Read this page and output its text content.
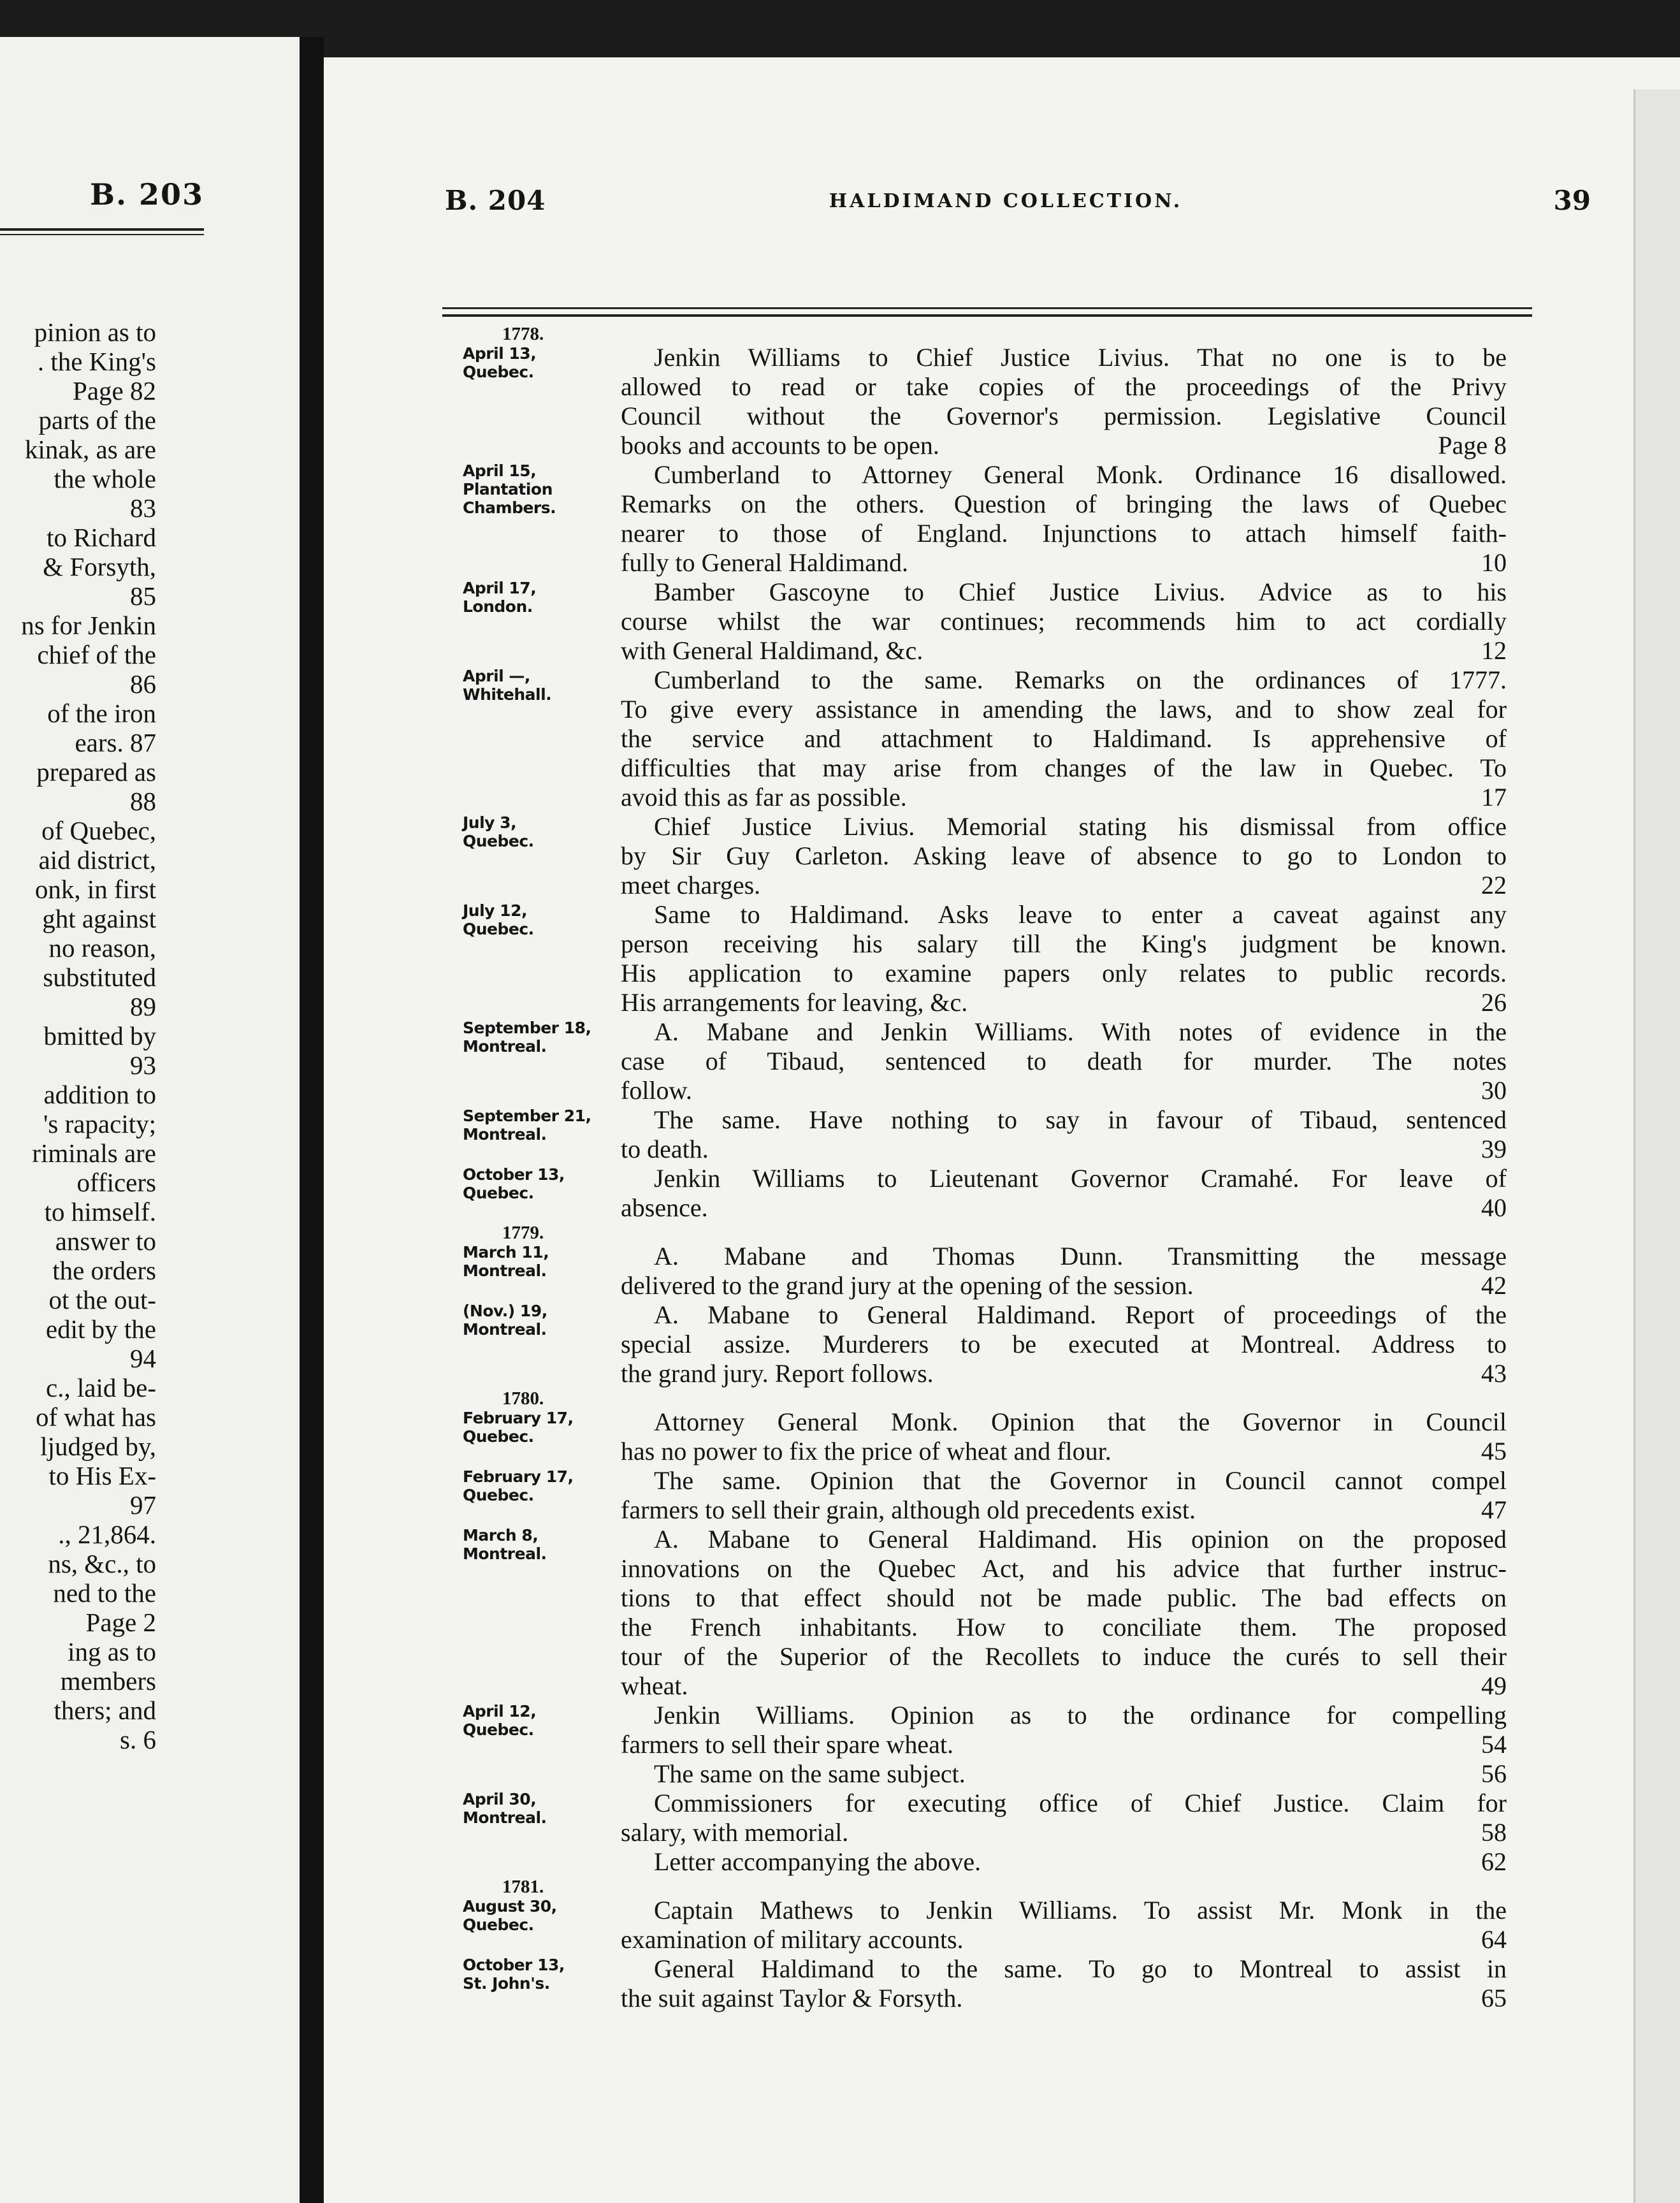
B. 203
pinion as to
. the King's
Page 82
parts of the
kinak, as are
the whole
83
to Richard
& Forsyth,
85
ns for Jenkin
chief of the
86
of the iron
ears. 87
prepared as
88
of Quebec,
aid district,
onk, in first
ght against
no reason,
substituted
89
bmitted by
93
addition to
's rapacity;
riminals are
officers
to himself.
answer to
the orders
ot the out-
edit by the
94
c., laid be-
of what has
ljudged by,
to His Ex-
97
., 21,864.
ns, &c., to
ned to the
Page 2
ing as to
members
thers; and
s. 6
B. 204	HALDIMAND COLLECTION.	39
1778.
April 13,
Quebec.
Jenkin Williams to Chief Justice Livius. That no one is to be
allowed to read or take copies of the proceedings of the Privy
Council without the Governor's permission. Legislative Council
books and accounts to be open.	Page 8
April 15,
Plantation Chambers.
Cumberland to Attorney General Monk. Ordinance 16 disallowed.
Remarks on the others. Question of bringing the laws of Quebec
nearer to those of England. Injunctions to attach himself faith-
fully to General Haldimand.	10
April 17,
London.
Bamber Gascoyne to Chief Justice Livius. Advice as to his
course whilst the war continues; recommends him to act cordially
with General Haldimand, &c.	12
April —,
Whitehall.
Cumberland to the same. Remarks on the ordinances of 1777.
To give every assistance in amending the laws, and to show zeal for
the service and attachment to Haldimand. Is apprehensive of
difficulties that may arise from changes of the law in Quebec. To
avoid this as far as possible.	17
July 3,
Quebec.
Chief Justice Livius. Memorial stating his dismissal from office
by Sir Guy Carleton. Asking leave of absence to go to London to
meet charges.	22
July 12,
Quebec.
Same to Haldimand. Asks leave to enter a caveat against any
person receiving his salary till the King's judgment be known.
His application to examine papers only relates to public records.
His arrangements for leaving, &c.	26
September 18,
Montreal.
A. Mabane and Jenkin Williams. With notes of evidence in the
case of Tibaud, sentenced to death for murder. The notes
follow.	30
September 21,
Montreal.
The same. Have nothing to say in favour of Tibaud, sentenced
to death.	39
October 13,
Quebec.
Jenkin Williams to Lieutenant Governor Cramahé. For leave of
absence.	40
1779.
March 11,
Montreal.
A. Mabane and Thomas Dunn. Transmitting the message
delivered to the grand jury at the opening of the session.	42
(Nov.) 19,
Montreal.
A. Mabane to General Haldimand. Report of proceedings of the
special assize. Murderers to be executed at Montreal. Address to
the grand jury. Report follows.	43
1780.
February 17,
Quebec.
Attorney General Monk. Opinion that the Governor in Council
has no power to fix the price of wheat and flour.	45
February 17,
Quebec.
The same. Opinion that the Governor in Council cannot compel
farmers to sell their grain, although old precedents exist.	47
March 8,
Montreal.
A. Mabane to General Haldimand. His opinion on the proposed
innovations on the Quebec Act, and his advice that further instruc-
tions to that effect should not be made public. The bad effects on
the French inhabitants. How to conciliate them. The proposed
tour of the Superior of the Recollets to induce the curés to sell their
wheat.	49
April 12,
Quebec.
Jenkin Williams. Opinion as to the ordinance for compelling
farmers to sell their spare wheat.	54
The same on the same subject.	56
April 30,
Montreal.
Commissioners for executing office of Chief Justice. Claim for
salary, with memorial.	58
Letter accompanying the above.	62
1781.
August 30,
Quebec.
Captain Mathews to Jenkin Williams. To assist Mr. Monk in the
examination of military accounts.	64
October 13,
St. John's.
General Haldimand to the same. To go to Montreal to assist in
the suit against Taylor & Forsyth.	65
